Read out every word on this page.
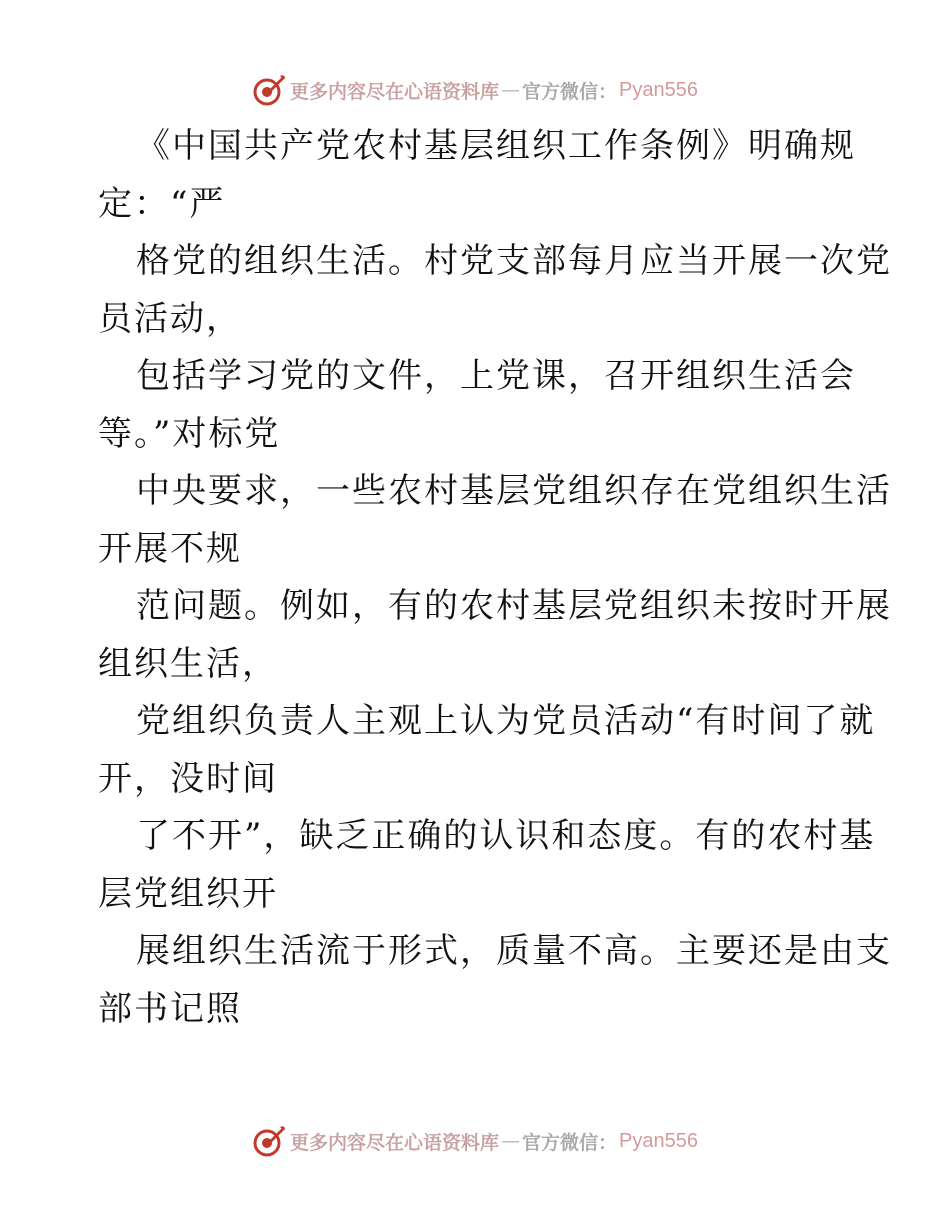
更多内容尽在心语资料库 — 官方微信： Pyan556
《中国共产党农村基层组织工作条例》明确规
定：“严
格党的组织生活。村党支部每月应当开展一次党
员活动，
包括学习党的文件，上党课，召开组织生活会
等。”对标党
中央要求，一些农村基层党组织存在党组织生活
开展不规
范问题。例如，有的农村基层党组织未按时开展
组织生活，
党组织负责人主观上认为党员活动“有时间了就
开，没时间
了不开”，缺乏正确的认识和态度。有的农村基
层党组织开
展组织生活流于形式，质量不高。主要还是由支
部书记照
更多内容尽在心语资料库 — 官方微信： Pyan556
